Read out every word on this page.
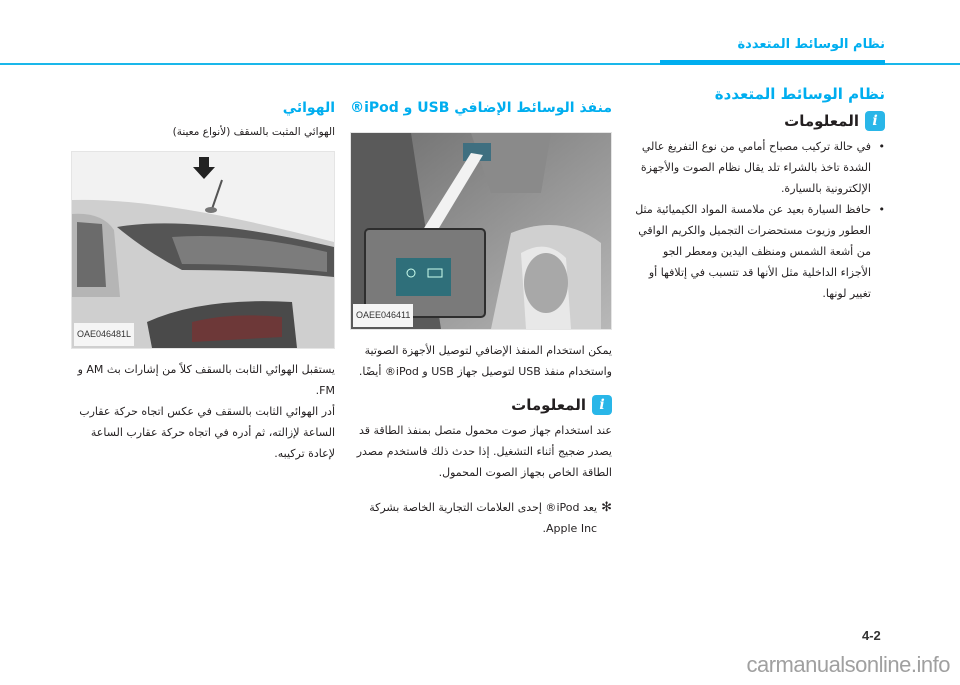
نظام الوسائط المتعددة
نظام الوسائط المتعددة
i
المعلومات
• في حالة تركيب مصباح أمامي من نوع التفريغ عالي الشدة تاخذ بالشراء تلد يقال نظام الصوت والأجهزة الإلكترونية بالسيارة.
• حافظ السيارة بعيد عن ملامسة المواد الكيميائية مثل العطور وزيوت مستحضرات التجميل والكريم الواقي من أشعة الشمس ومنظف اليدين ومعطر الجو الأجزاء الداخلية مثل الأنها قد تتسبب في إتلافها أو تغيير لونها.
منفذ الوسائط الإضافي USB و iPod®
OAEE046411

يمكن استخدام المنفذ الإضافي لتوصيل الأجهزة الصوتية واستخدام منفذ USB لتوصيل جهاز USB و iPod® أيضًا.

i
المعلومات

عند استخدام جهاز صوت محمول متصل بمنفذ الطاقة قد يصدر ضجيج أثناء التشغيل. إذا حدث ذلك فاستخدم مصدر الطاقة الخاص بجهاز الصوت المحمول.

✻
يعد iPod® إحدى العلامات التجارية الخاصة بشركة Apple Inc.
الهوائي
الهوائي المثبت بالسقف (لأنواع معينة)
OAE046481L

يستقبل الهوائي الثابت بالسقف كلاً من إشارات بث AM و FM.

أدر الهوائي الثابت بالسقف في عكس اتجاه حركة عقارب الساعة لإزالته، ثم أدره في اتجاه حركة عقارب الساعة لإعادة تركيبه.

4-2
carmanualsonline.info
